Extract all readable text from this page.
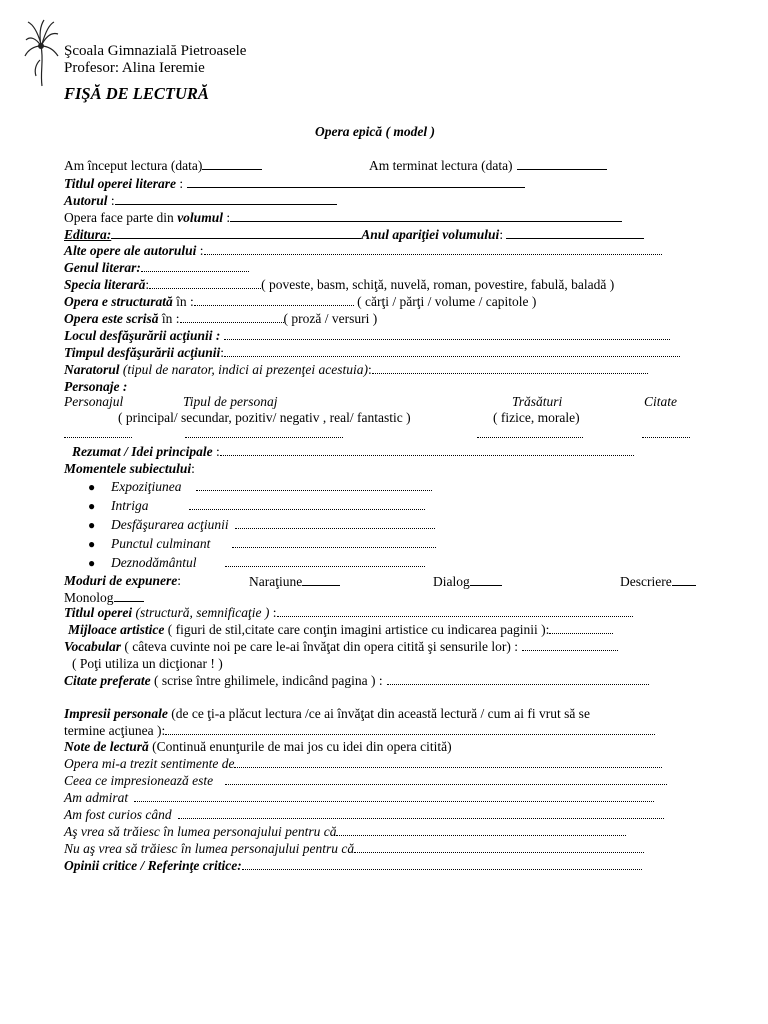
Şcoala Gimnazială Pietroasele
Profesor: Alina Ieremie
FIŞĂ DE LECTURĂ
Opera epică ( model )
Am început lectura (data)	Am terminat lectura (data)
Titlul operei literare :
Autorul :
Opera face parte din volumul :
Editura:	Anul apariţiei volumului:
Alte opere ale autorului :
Genul literar:
Specia literară:	( poveste, basm, schiţă, nuvelă, roman, povestire, fabulă, baladă )
Opera e structurată în :	( cărţi / părţi / volume / capitole )
Opera este scrisă în :	( proză / versuri )
Locul desfăşurării acţiunii :
Timpul desfăşurării acţiunii:
Naratorul (tipul de narator, indici ai prezenţei acestuia):
Personaje :
Personajul	Tipul de personaj	Trăsături	Citate
( principal/ secundar, pozitiv/ negativ , real/ fantastic )	( fizice, morale)

Rezumat / Idei principale :
Momentele subiectului:
● Expoziţiunea
● Intriga
● Desfăşurarea acţiunii
● Punctul culminant
● Deznodământul
Moduri de expunere:	Naraţiune	Dialog	Descriere
Monolog
Titlul operei (structură, semnificaţie ) :
Mijloace artistice ( figuri de stil,citate care conţin imagini artistice cu indicarea paginii ):
Vocabular ( câteva cuvinte noi pe care le-ai învăţat din opera citită şi sensurile lor) :
( Poţi utiliza un dicţionar ! )
Citate preferate ( scrise între ghilimele, indicând pagina ) :
Impresii personale (de ce ţi-a plăcut lectura /ce ai învăţat din această lectură / cum ai fi vrut să se
termine acţiunea ):
Note de lectură (Continuă enunţurile de mai jos cu idei din opera citită)
Opera mi-a trezit sentimente de
Ceea ce impresionează este
Am admirat
Am fost curios când
Aş vrea să trăiesc în lumea personajului pentru că
Nu aş vrea să trăiesc în lumea personajului pentru că
Opinii critice / Referinţe critice:
